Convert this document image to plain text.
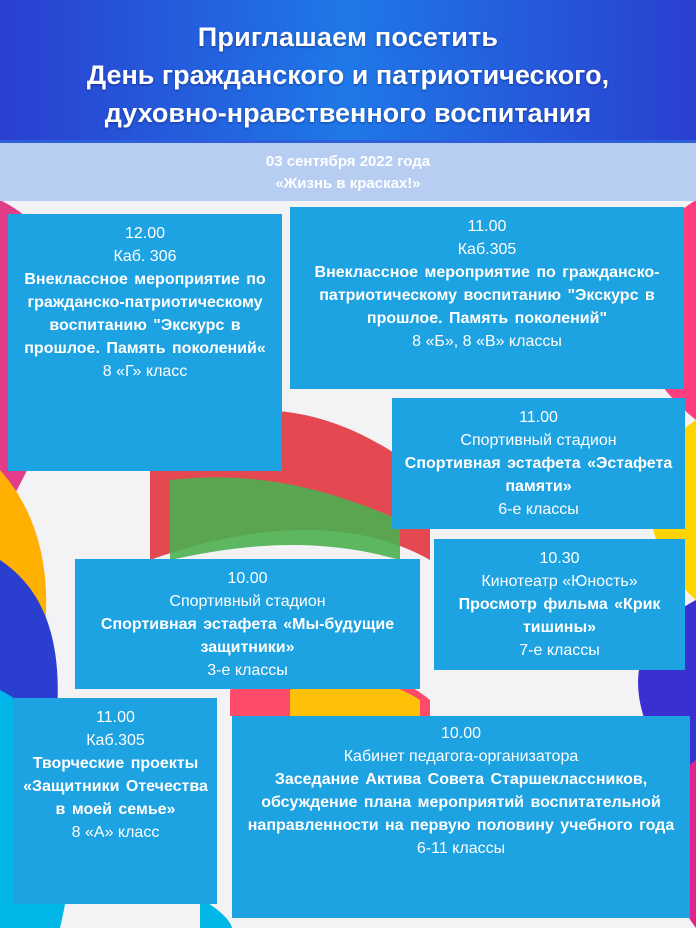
Приглашаем посетить
День гражданского и патриотического,
духовно-нравственного воспитания
03 сентября 2022 года
«Жизнь в красках!»
12.00
Каб. 306
Внеклассное мероприятие по гражданско-патриотическому воспитанию "Экскурс в прошлое. Память поколений«
8 «Г» класс
11.00
Каб.305
Внеклассное мероприятие по гражданско-патриотическому воспитанию "Экскурс в прошлое. Память поколений"
8 «Б», 8 «В» классы
11.00
Спортивный стадион
Спортивная эстафета «Эстафета памяти»
6-е классы
10.30
Кинотеатр «Юность»
Просмотр фильма «Крик тишины»
7-е классы
10.00
Спортивный стадион
Спортивная эстафета «Мы-будущие защитники»
3-е классы
11.00
Каб.305
Творческие проекты «Защитники Отечества в моей семье»
8 «А» класс
10.00
Кабинет педагога-организатора
Заседание Актива Совета Старшеклассников, обсуждение плана мероприятий воспитательной направленности на первую половину учебного года
6-11 классы
